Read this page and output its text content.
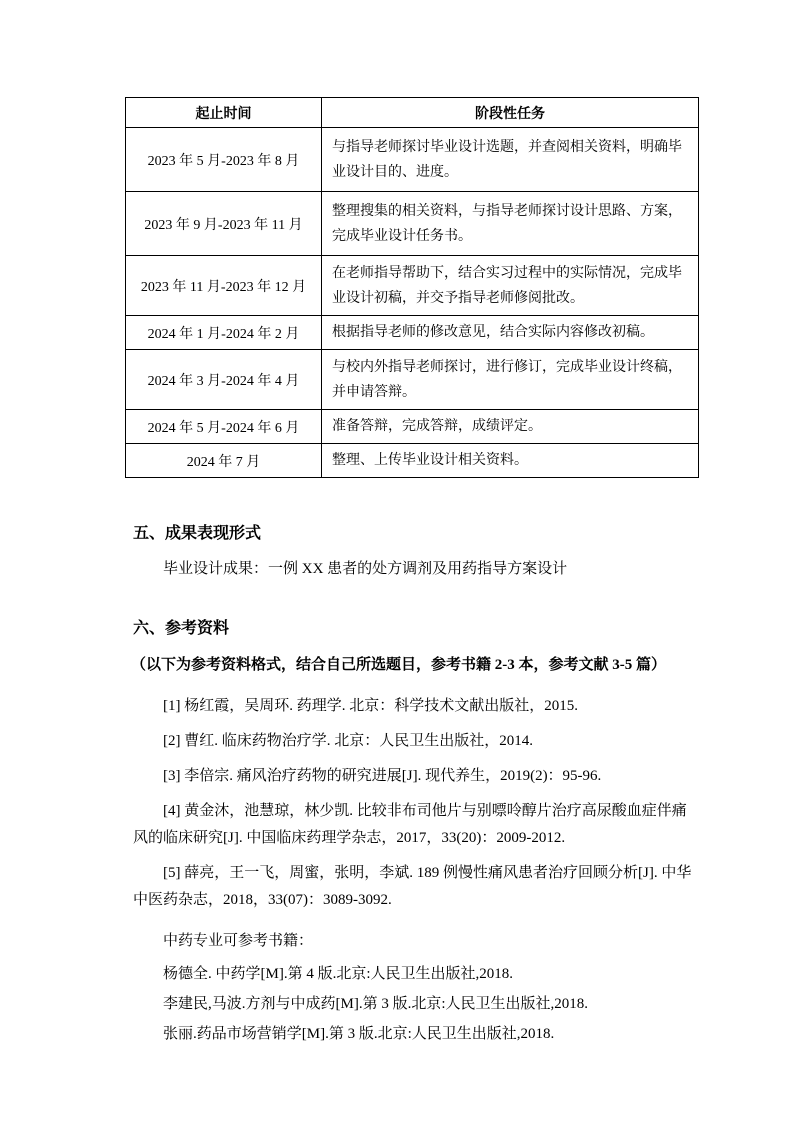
起止时间	阶段性任务
2023 年 5 月-2023 年 8 月	与指导老师探讨毕业设计选题，并查阅相关资料，明确毕业设计目的、进度。
2023 年 9 月-2023 年 11 月	整理搜集的相关资料，与指导老师探讨设计思路、方案，完成毕业设计任务书。
2023 年 11 月-2023 年 12 月	在老师指导帮助下，结合实习过程中的实际情况，完成毕业设计初稿，并交予指导老师修阅批改。
2024 年 1 月-2024 年 2 月	根据指导老师的修改意见，结合实际内容修改初稿。
2024 年 3 月-2024 年 4 月	与校内外指导老师探讨，进行修订，完成毕业设计终稿，并申请答辩。
2024 年 5 月-2024 年 6 月	准备答辩，完成答辩，成绩评定。
2024 年 7 月	整理、上传毕业设计相关资料。
五、成果表现形式

毕业设计成果：一例 XX 患者的处方调剂及用药指导方案设计

六、参考资料

（以下为参考资料格式，结合自己所选题目，参考书籍 2-3 本，参考文献 3-5 篇）

[1] 杨红霞，吴周环. 药理学. 北京：科学技术文献出版社，2015.

[2] 曹红. 临床药物治疗学. 北京：人民卫生出版社，2014.

[3] 李倍宗. 痛风治疗药物的研究进展[J]. 现代养生，2019(2)：95-96.

[4] 黄金沐，池慧琼，林少凯. 比较非布司他片与别嘌呤醇片治疗高尿酸血症伴痛风的临床研究[J]. 中国临床药理学杂志，2017，33(20)：2009-2012.

[5] 薛亮，王一飞，周蜜，张明，李斌. 189 例慢性痛风患者治疗回顾分析[J]. 中华中医药杂志，2018，33(07)：3089-3092.

中药专业可参考书籍：

杨德全. 中药学[M].第 4 版.北京:人民卫生出版社,2018.

李建民,马波.方剂与中成药[M].第 3 版.北京:人民卫生出版社,2018.

张丽.药品市场营销学[M].第 3 版.北京:人民卫生出版社,2018.
